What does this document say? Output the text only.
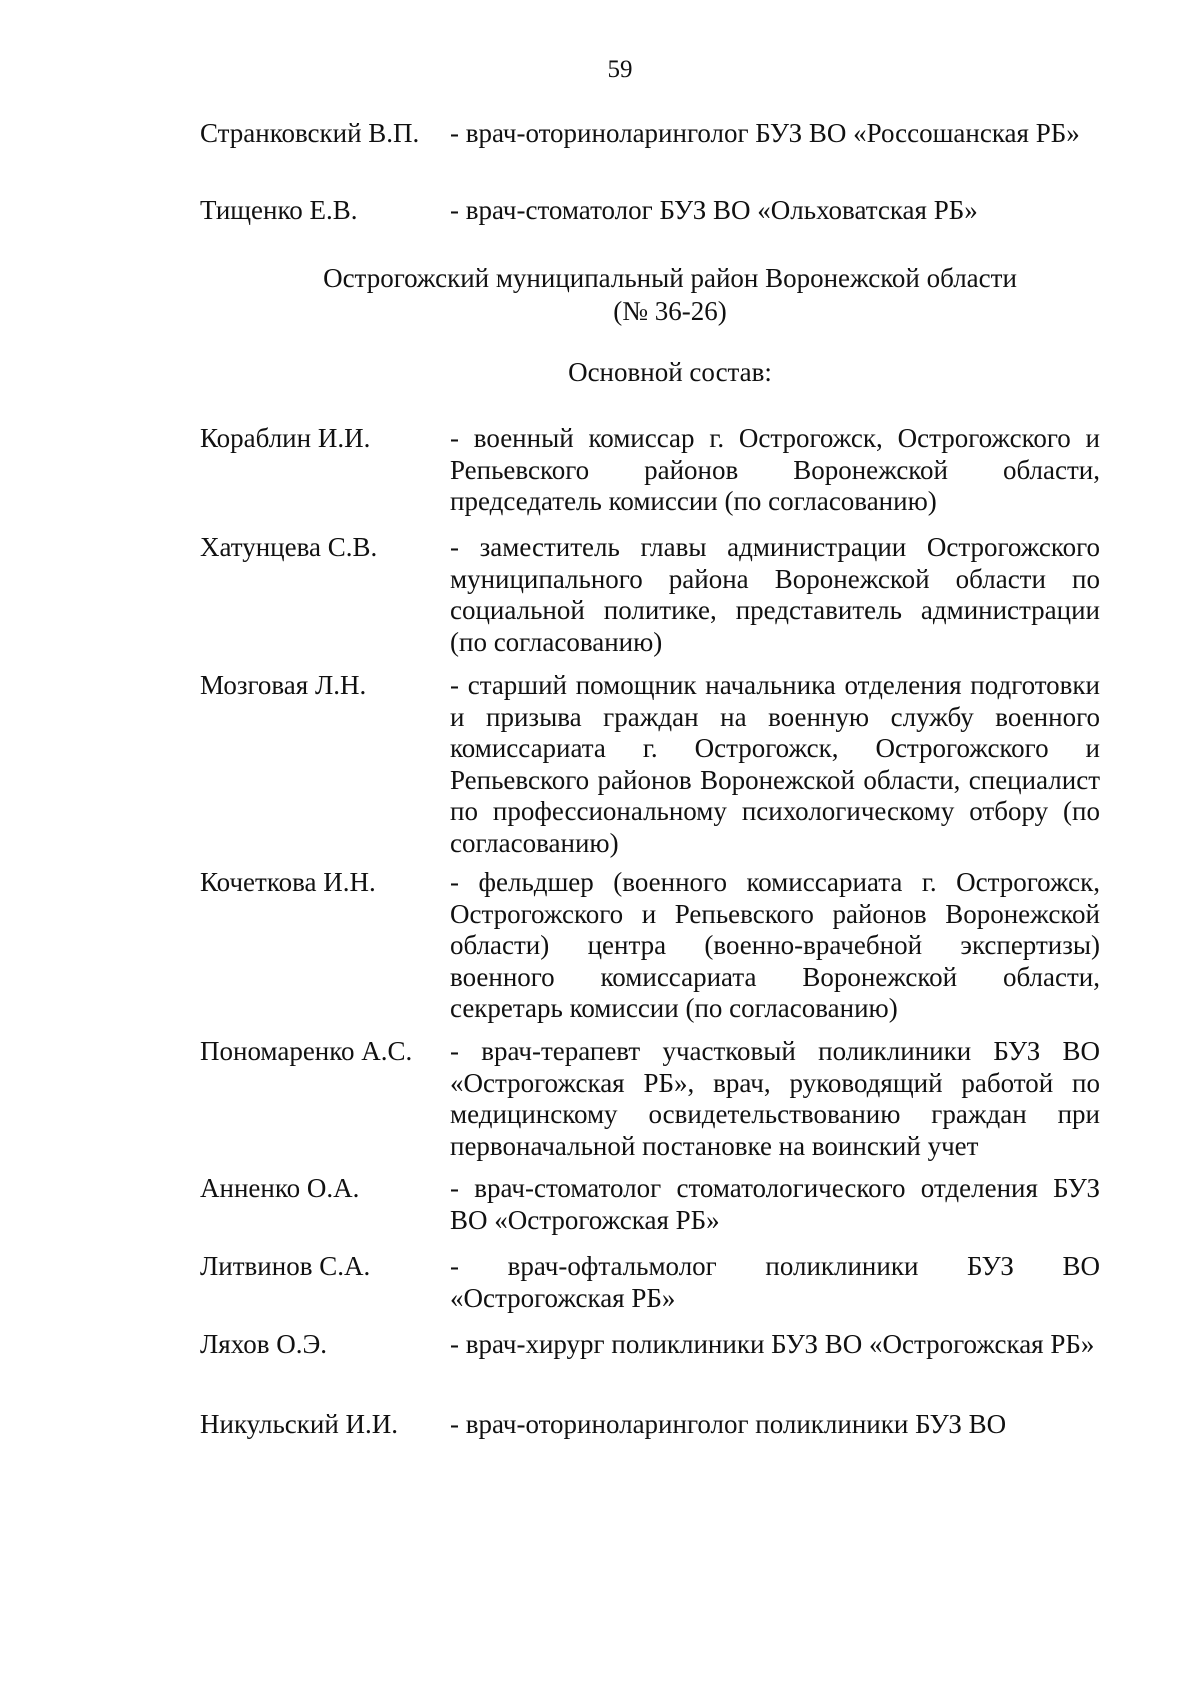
59
Странковский В.П.	- врач-оториноларинголог БУЗ ВО «Россошанская РБ»
Тищенко Е.В.	- врач-стоматолог БУЗ ВО «Ольховатская РБ»
Острогожский муниципальный район Воронежской области
(№ 36-26)
Основной состав:
Кораблин И.И.	- военный комиссар г. Острогожск, Острогожского и Репьевского районов Воронежской области, председатель комиссии (по согласованию)
Хатунцева С.В.	- заместитель главы администрации Острогожского муниципального района Воронежской области по социальной политике, представитель администрации (по согласованию)
Мозговая Л.Н.	- старший помощник начальника отделения подготовки и призыва граждан на военную службу военного комиссариата г. Острогожск, Острогожского и Репьевского районов Воронежской области, специалист по профессиональному психологическому отбору (по согласованию)
Кочеткова И.Н.	- фельдшер (военного комиссариата г. Острогожск, Острогожского и Репьевского районов Воронежской области) центра (военно-врачебной экспертизы) военного комиссариата Воронежской области, секретарь комиссии (по согласованию)
Пономаренко А.С.	- врач-терапевт участковый поликлиники БУЗ ВО «Острогожская РБ», врач, руководящий работой по медицинскому освидетельствованию граждан при первоначальной постановке на воинский учет
Анненко О.А.	- врач-стоматолог стоматологического отделения БУЗ ВО «Острогожская РБ»
Литвинов С.А.	- врач-офтальмолог поликлиники БУЗ ВО «Острогожская РБ»
Ляхов О.Э.	- врач-хирург поликлиники БУЗ ВО «Острогожская РБ»
Никульский И.И.	- врач-оториноларинголог поликлиники БУЗ ВО
